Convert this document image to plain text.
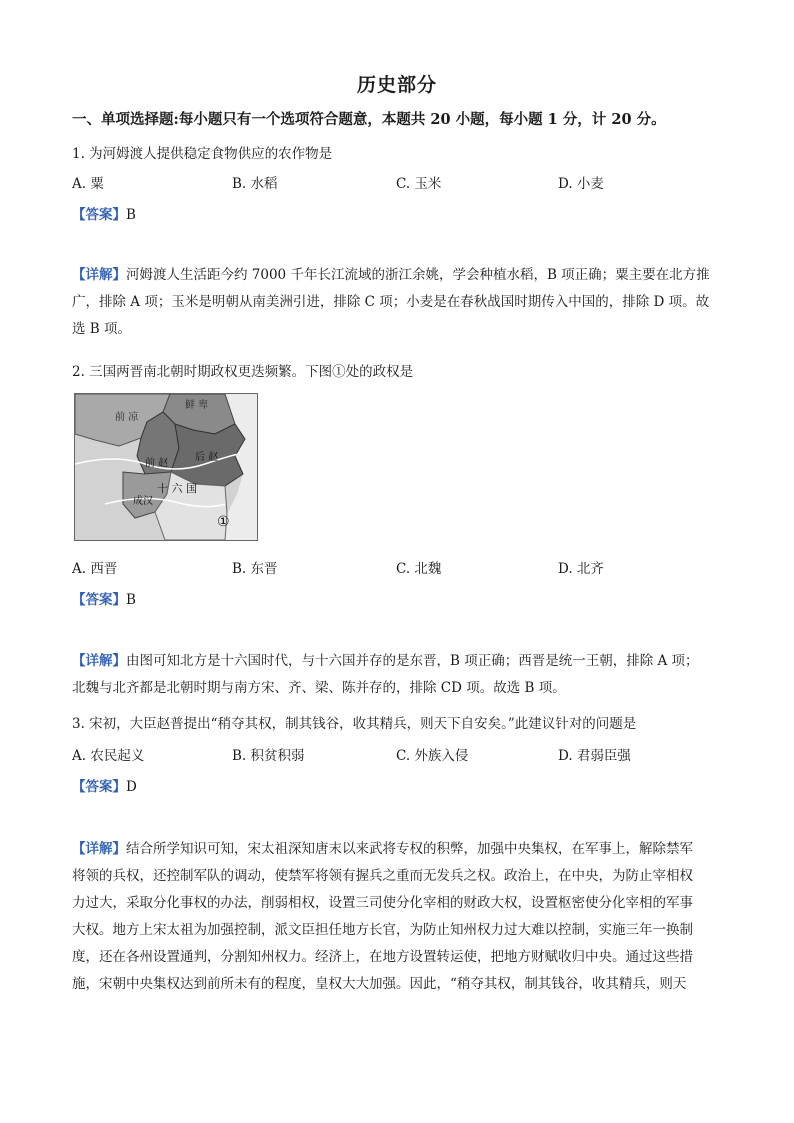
历史部分
一、单项选择题:每小题只有一个选项符合题意，本题共 20 小题，每小题 1 分，计 20 分。
1. 为河姆渡人提供稳定食物供应的农作物是
A. 粟	B. 水稻	C. 玉米	D. 小麦
【答案】B

【详解】河姆渡人生活距今约 7000 千年长江流域的浙江余姚，学会种植水稻，B 项正确；粟主要在北方推

广，排除 A 项；玉米是明朝从南美洲引进，排除 C 项；小麦是在春秋战国时期传入中国的，排除 D 项。故

选 B 项。

2. 三国两晋南北朝时期政权更迭频繁。下图①处的政权是
前 凉
鲜 卑
前 赵
后 赵
十 六 国
成汉
①
A. 西晋	B. 东晋	C. 北魏	D. 北齐
【答案】B

【详解】由图可知北方是十六国时代，与十六国并存的是东晋，B 项正确；西晋是统一王朝，排除 A 项；

北魏与北齐都是北朝时期与南方宋、齐、梁、陈并存的，排除 CD 项。故选 B 项。

3. 宋初，大臣赵普提出“稍夺其权，制其钱谷，收其精兵，则天下自安矣。”此建议针对的问题是
A. 农民起义	B. 积贫积弱	C. 外族入侵	D. 君弱臣强
【答案】D

【详解】结合所学知识可知，宋太祖深知唐末以来武将专权的积弊，加强中央集权，在军事上，解除禁军

将领的兵权，还控制军队的调动，使禁军将领有握兵之重而无发兵之权。政治上，在中央，为防止宰相权

力过大，采取分化事权的办法，削弱相权，设置三司使分化宰相的财政大权，设置枢密使分化宰相的军事

大权。地方上宋太祖为加强控制，派文臣担任地方长官，为防止知州权力过大难以控制，实施三年一换制

度，还在各州设置通判，分割知州权力。经济上，在地方设置转运使，把地方财赋收归中央。通过这些措

施，宋朝中央集权达到前所未有的程度，皇权大大加强。因此，“稍夺其权，制其钱谷，收其精兵，则天
